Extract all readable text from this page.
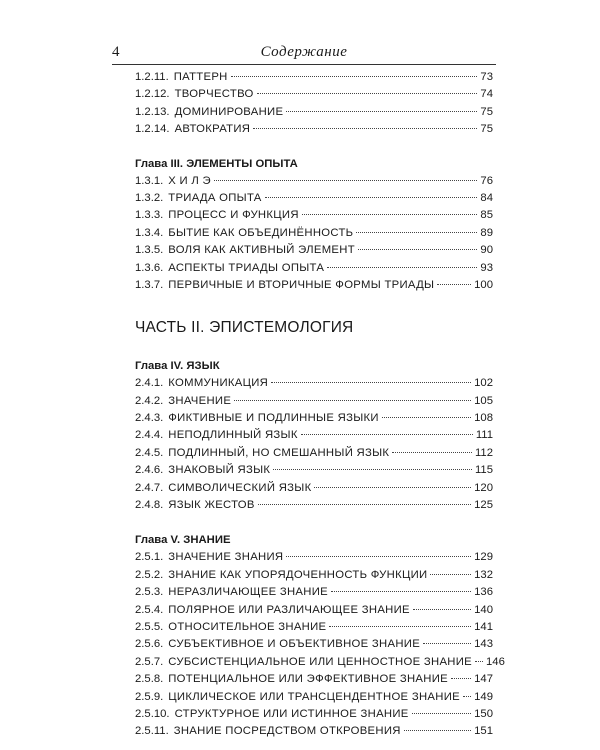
4	Содержание
1.2.11. ПАТТЕРН	73
1.2.12. ТВОРЧЕСТВО	74
1.2.13. ДОМИНИРОВАНИЕ	75
1.2.14. АВТОКРАТИЯ	75
Глава III. ЭЛЕМЕНТЫ ОПЫТА
1.3.1. Х И Л Э	76
1.3.2. ТРИАДА ОПЫТА	84
1.3.3. ПРОЦЕСС И ФУНКЦИЯ	85
1.3.4. БЫТИЕ КАК ОБЪЕДИНЁННОСТЬ	89
1.3.5. ВОЛЯ КАК АКТИВНЫЙ ЭЛЕМЕНТ	90
1.3.6. АСПЕКТЫ ТРИАДЫ ОПЫТА	93
1.3.7. ПЕРВИЧНЫЕ И ВТОРИЧНЫЕ ФОРМЫ ТРИАДЫ	100
ЧАСТЬ II. ЭПИСТЕМОЛОГИЯ
Глава IV. ЯЗЫК
2.4.1. КОММУНИКАЦИЯ	102
2.4.2. ЗНАЧЕНИЕ	105
2.4.3. ФИКТИВНЫЕ И ПОДЛИННЫЕ ЯЗЫКИ	108
2.4.4. НЕПОДЛИННЫЙ ЯЗЫК	111
2.4.5. ПОДЛИННЫЙ, НО СМЕШАННЫЙ ЯЗЫК	112
2.4.6. ЗНАКОВЫЙ ЯЗЫК	115
2.4.7. СИМВОЛИЧЕСКИЙ ЯЗЫК	120
2.4.8. ЯЗЫК ЖЕСТОВ	125
Глава V. ЗНАНИЕ
2.5.1. ЗНАЧЕНИЕ ЗНАНИЯ	129
2.5.2. ЗНАНИЕ КАК УПОРЯДОЧЕННОСТЬ ФУНКЦИИ	132
2.5.3. НЕРАЗЛИЧАЮЩЕЕ ЗНАНИЕ	136
2.5.4. ПОЛЯРНОЕ ИЛИ РАЗЛИЧАЮЩЕЕ ЗНАНИЕ	140
2.5.5. ОТНОСИТЕЛЬНОЕ ЗНАНИЕ	141
2.5.6. СУБЪЕКТИВНОЕ И ОБЪЕКТИВНОЕ ЗНАНИЕ	143
2.5.7. СУБСИСТЕНЦИАЛЬНОЕ ИЛИ ЦЕННОСТНОЕ ЗНАНИЕ 146
2.5.8. ПОТЕНЦИАЛЬНОЕ ИЛИ ЭФФЕКТИВНОЕ ЗНАНИЕ 147
2.5.9. ЦИКЛИЧЕСКОЕ ИЛИ ТРАНСЦЕНДЕНТНОЕ ЗНАНИЕ 149
2.5.10. СТРУКТУРНОЕ ИЛИ ИСТИННОЕ ЗНАНИЕ	150
2.5.11. ЗНАНИЕ ПОСРЕДСТВОМ ОТКРОВЕНИЯ	151
